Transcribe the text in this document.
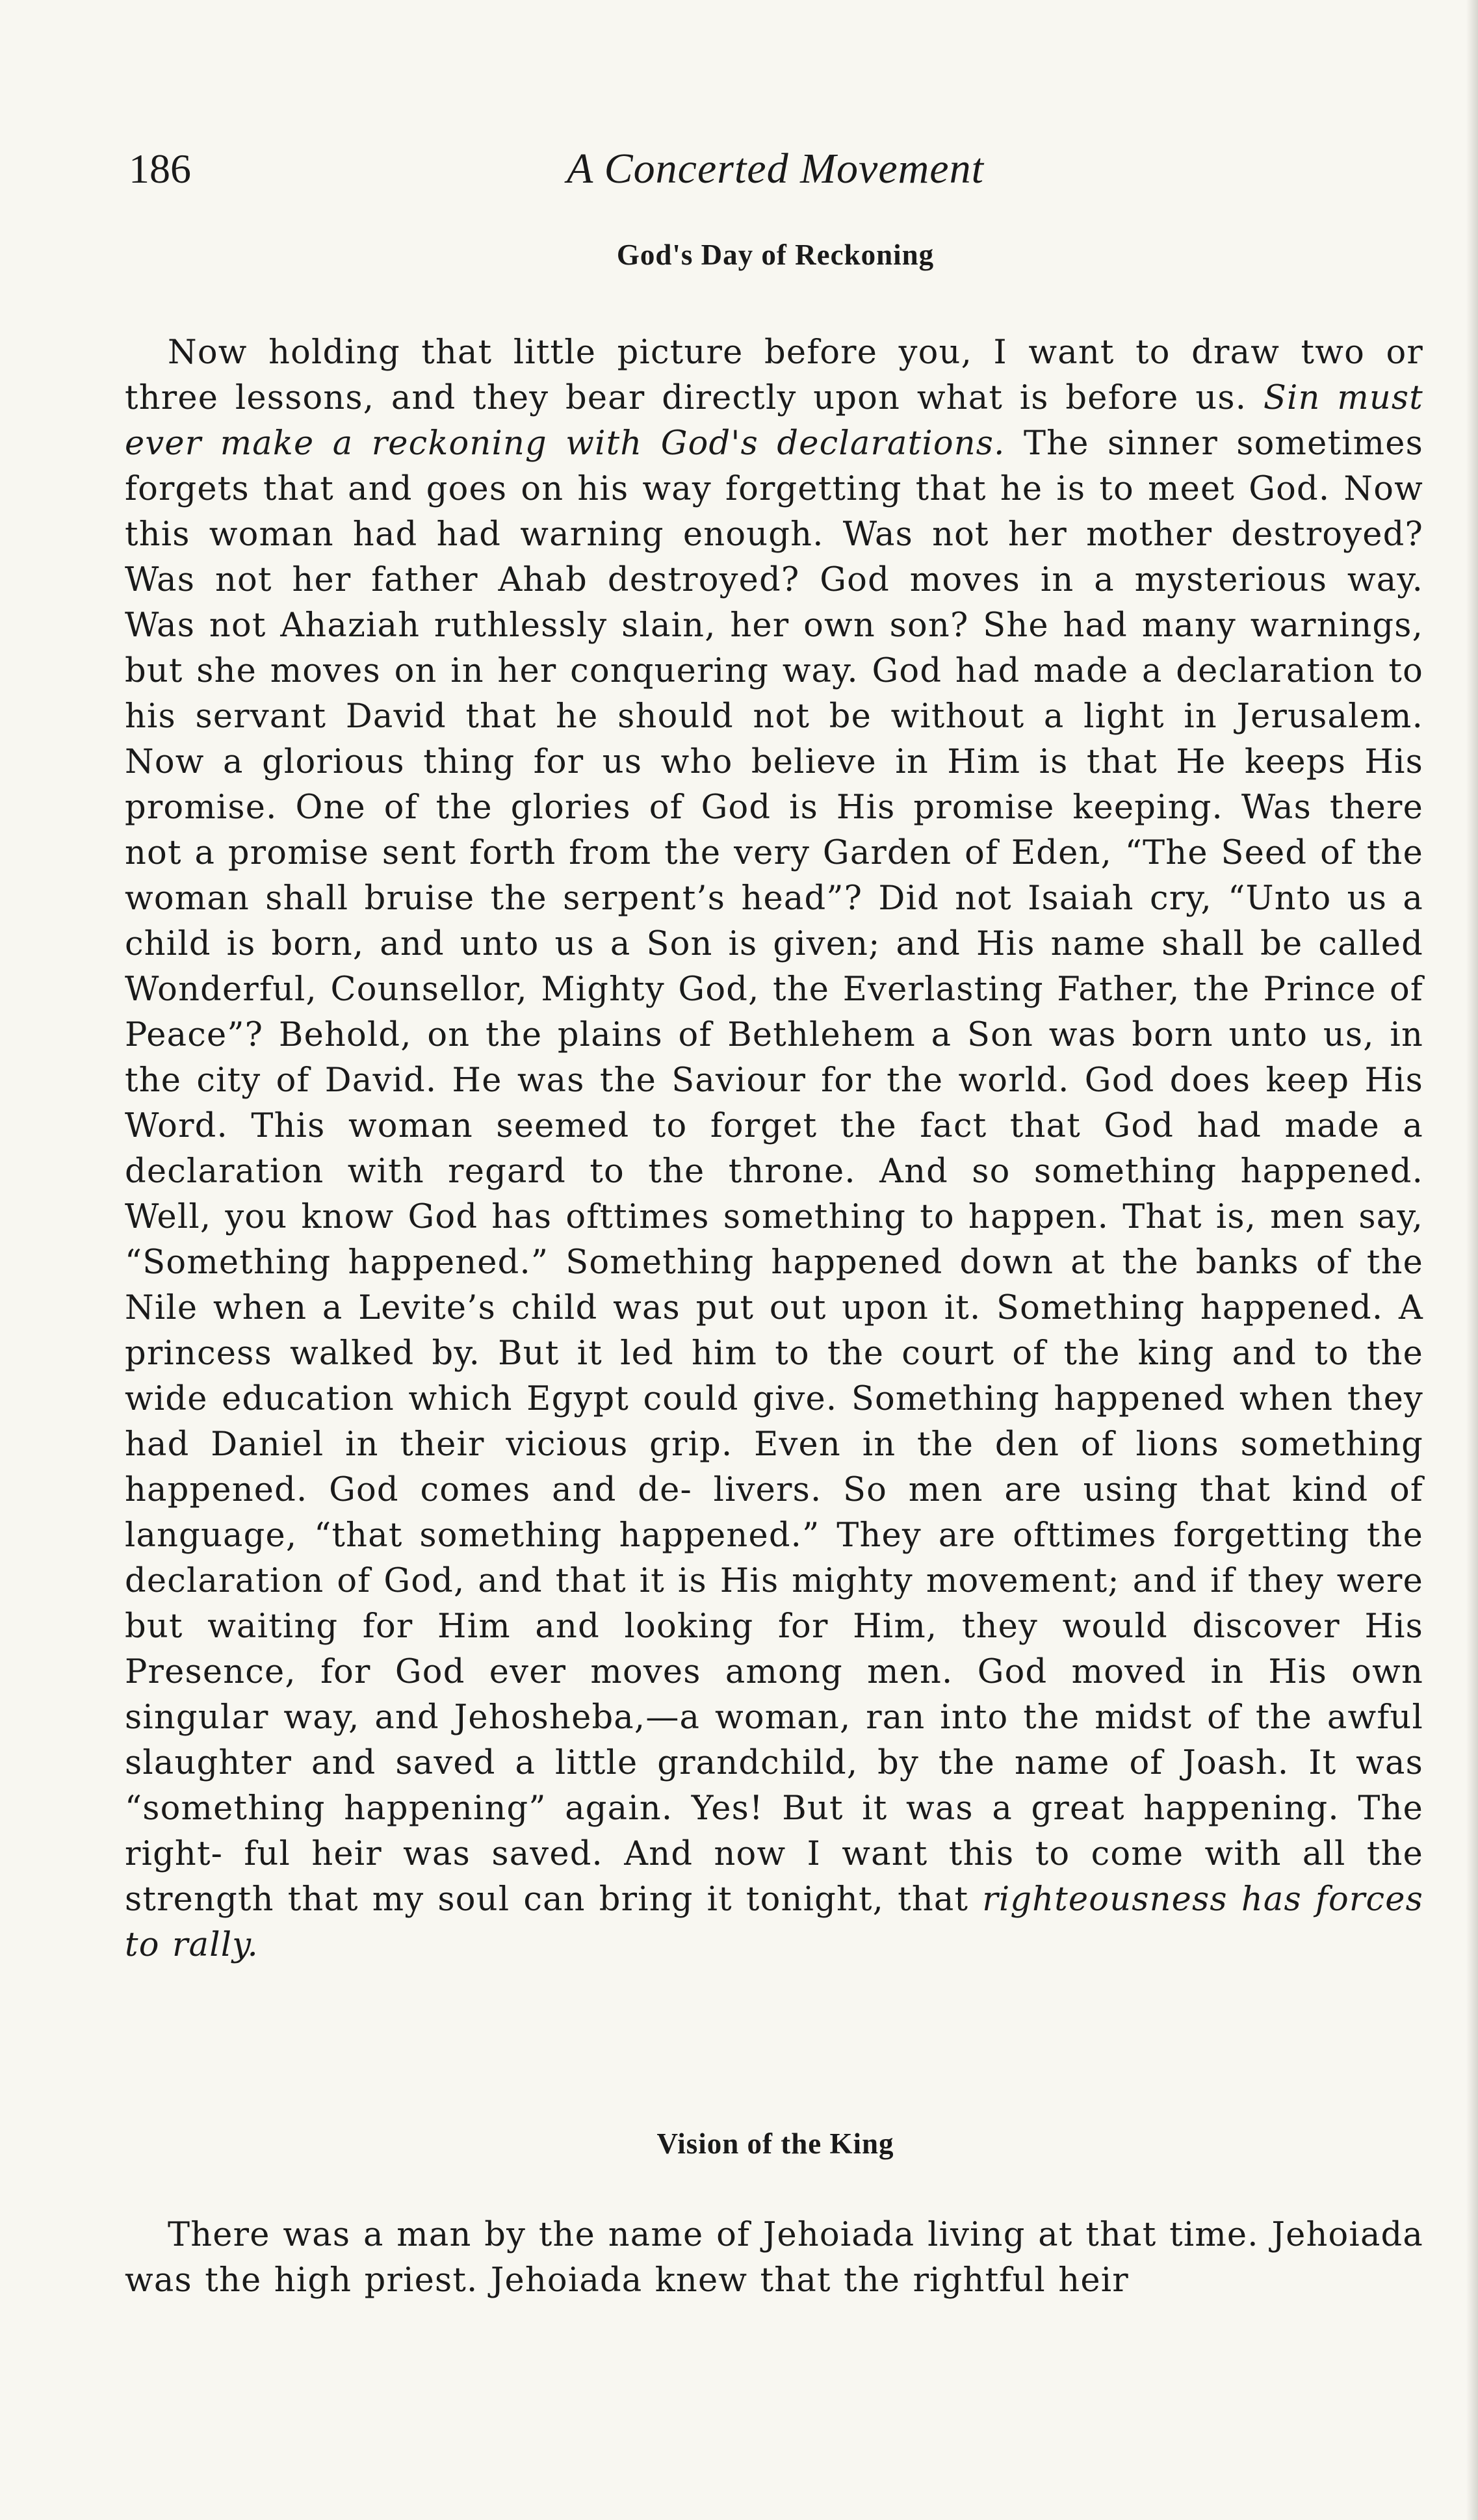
186	A Concerted Movement
God's Day of Reckoning

Now holding that little picture before you, I want to draw two or three lessons, and they bear directly upon what is before us. Sin must ever make a reckoning with God's declarations. The sinner sometimes forgets that and goes on his way forgetting that he is to meet God. Now this woman had had warning enough. Was not her mother destroyed? Was not her father Ahab destroyed? God moves in a mysterious way. Was not Ahaziah ruthlessly slain, her own son? She had many warnings, but she moves on in her conquering way. God had made a declaration to his servant David that he should not be without a light in Jerusalem. Now a glorious thing for us who believe in Him is that He keeps His promise. One of the glories of God is His promise keeping. Was there not a promise sent forth from the very Garden of Eden, “The Seed of the woman shall bruise the serpent’s head”? Did not Isaiah cry, “Unto us a child is born, and unto us a Son is given; and His name shall be called Wonderful, Counsellor, Mighty God, the Everlasting Father, the Prince of Peace”? Behold, on the plains of Bethlehem a Son was born unto us, in the city of David. He was the Saviour for the world. God does keep His Word. This woman seemed to forget the fact that God had made a declaration with regard to the throne. And so something happened. Well, you know God has ofttimes something to happen. That is, men say, “Something happened.” Something happened down at the banks of the Nile when a Levite’s child was put out upon it. Something happened. A princess walked by. But it led him to the court of the king and to the wide education which Egypt could give. Something happened when they had Daniel in their vicious grip. Even in the den of lions something happened. God comes and de- livers. So men are using that kind of language, “that something happened.” They are ofttimes forgetting the declaration of God, and that it is His mighty movement; and if they were but waiting for Him and looking for Him, they would discover His Presence, for God ever moves among men. God moved in His own singular way, and Jehosheba,—a woman, ran into the midst of the awful slaughter and saved a little grandchild, by the name of Joash. It was “something happening” again. Yes! But it was a great happening. The right- ful heir was saved. And now I want this to come with all the strength that my soul can bring it tonight, that righteousness has forces to rally.

Vision of the King

There was a man by the name of Jehoiada living at that time. Jehoiada was the high priest. Jehoiada knew that the rightful heir
